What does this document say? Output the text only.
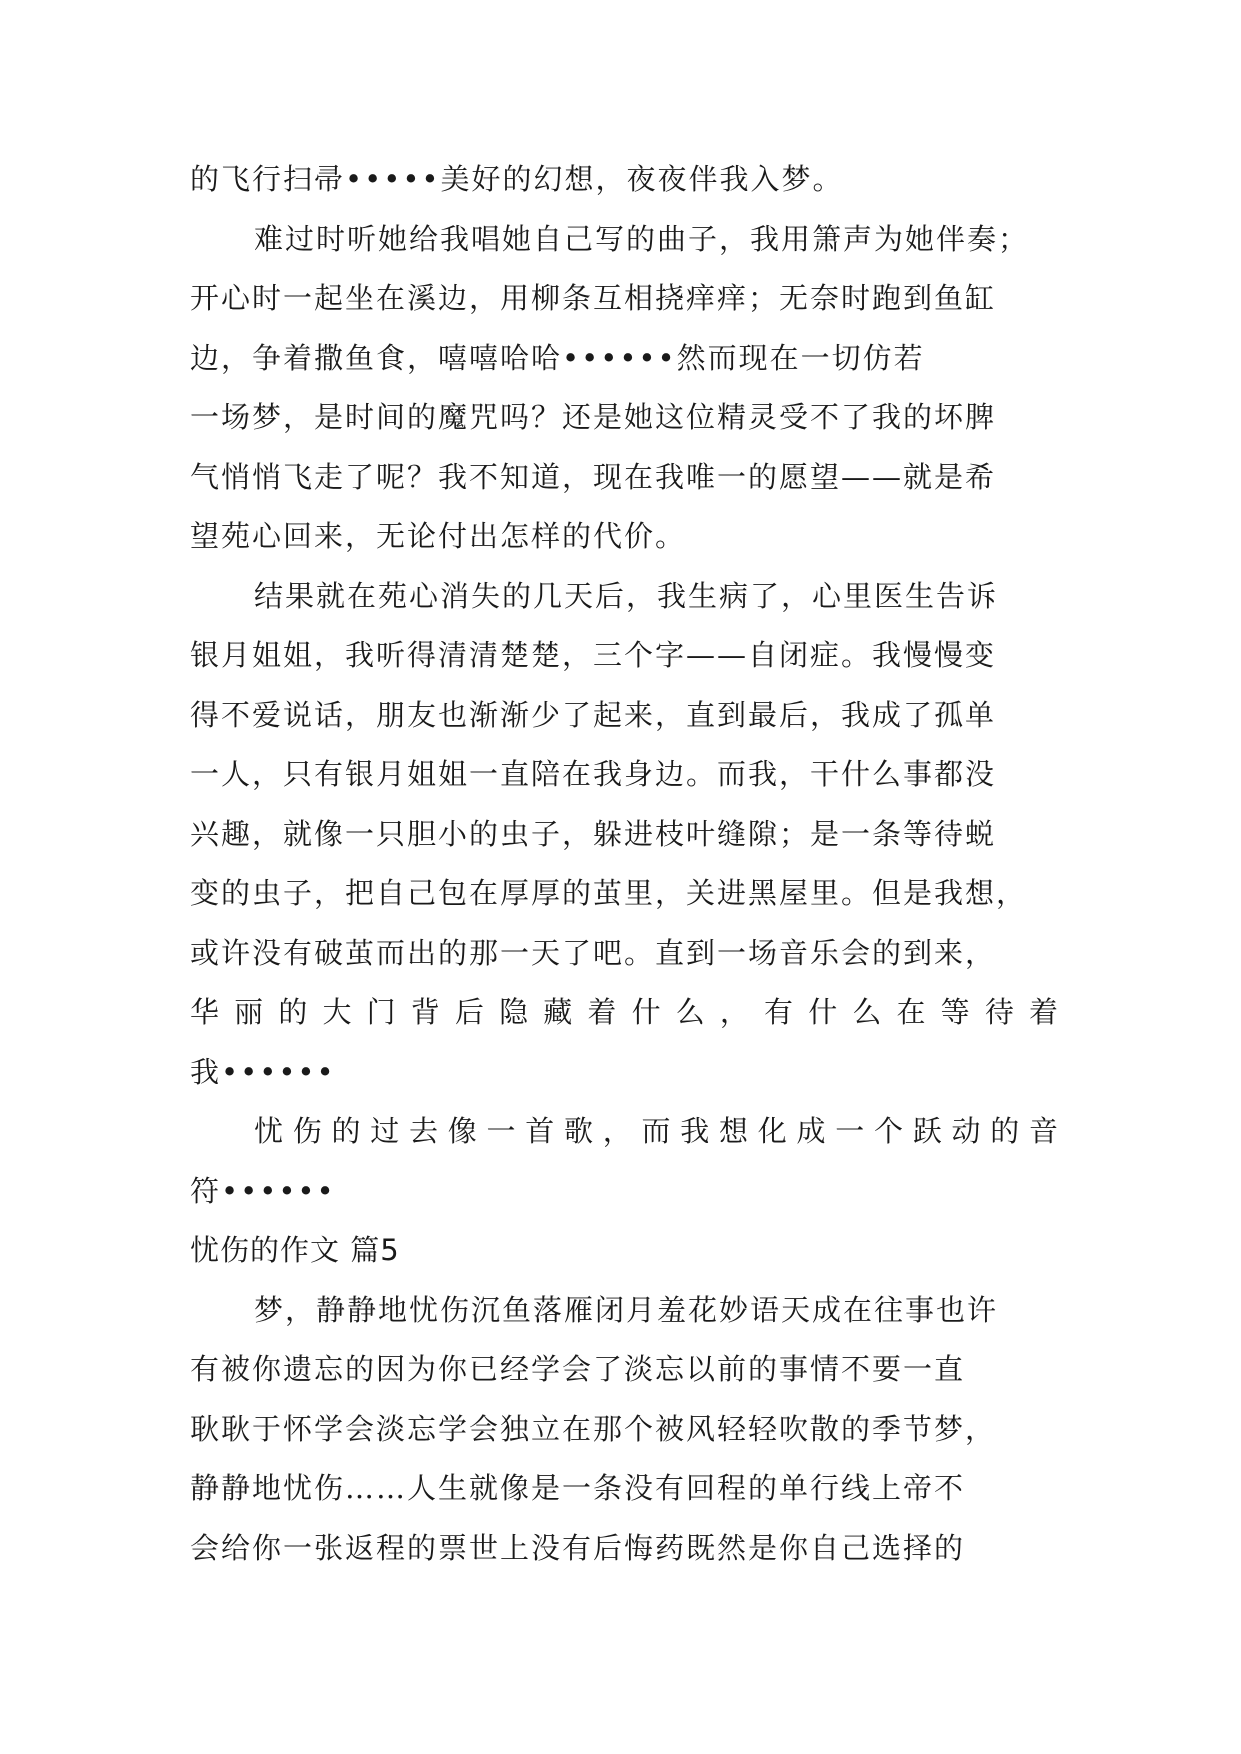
的飞行扫帚•••••美好的幻想，夜夜伴我入梦。
难过时听她给我唱她自己写的曲子，我用箫声为她伴奏；
开心时一起坐在溪边，用柳条互相挠痒痒；无奈时跑到鱼缸
边，争着撒鱼食，嘻嘻哈哈••••••然而现在一切仿若
一场梦，是时间的魔咒吗？还是她这位精灵受不了我的坏脾
气悄悄飞走了呢？我不知道，现在我唯一的愿望——就是希
望苑心回来，无论付出怎样的代价。
结果就在苑心消失的几天后，我生病了，心里医生告诉
银月姐姐，我听得清清楚楚，三个字——自闭症。我慢慢变
得不爱说话，朋友也渐渐少了起来，直到最后，我成了孤单
一人，只有银月姐姐一直陪在我身边。而我，干什么事都没
兴趣，就像一只胆小的虫子，躲进枝叶缝隙；是一条等待蜕
变的虫子，把自己包在厚厚的茧里，关进黑屋里。但是我想，
或许没有破茧而出的那一天了吧。直到一场音乐会的到来，
华丽的大门背后隐藏着什么，有什么在等待着
我••••••
忧伤的过去像一首歌，而我想化成一个跃动的音
符••••••
忧伤的作文 篇5
梦，静静地忧伤沉鱼落雁闭月羞花妙语天成在往事也许
有被你遗忘的因为你已经学会了淡忘以前的事情不要一直
耿耿于怀学会淡忘学会独立在那个被风轻轻吹散的季节梦，
静静地忧伤……人生就像是一条没有回程的单行线上帝不
会给你一张返程的票世上没有后悔药既然是你自己选择的
